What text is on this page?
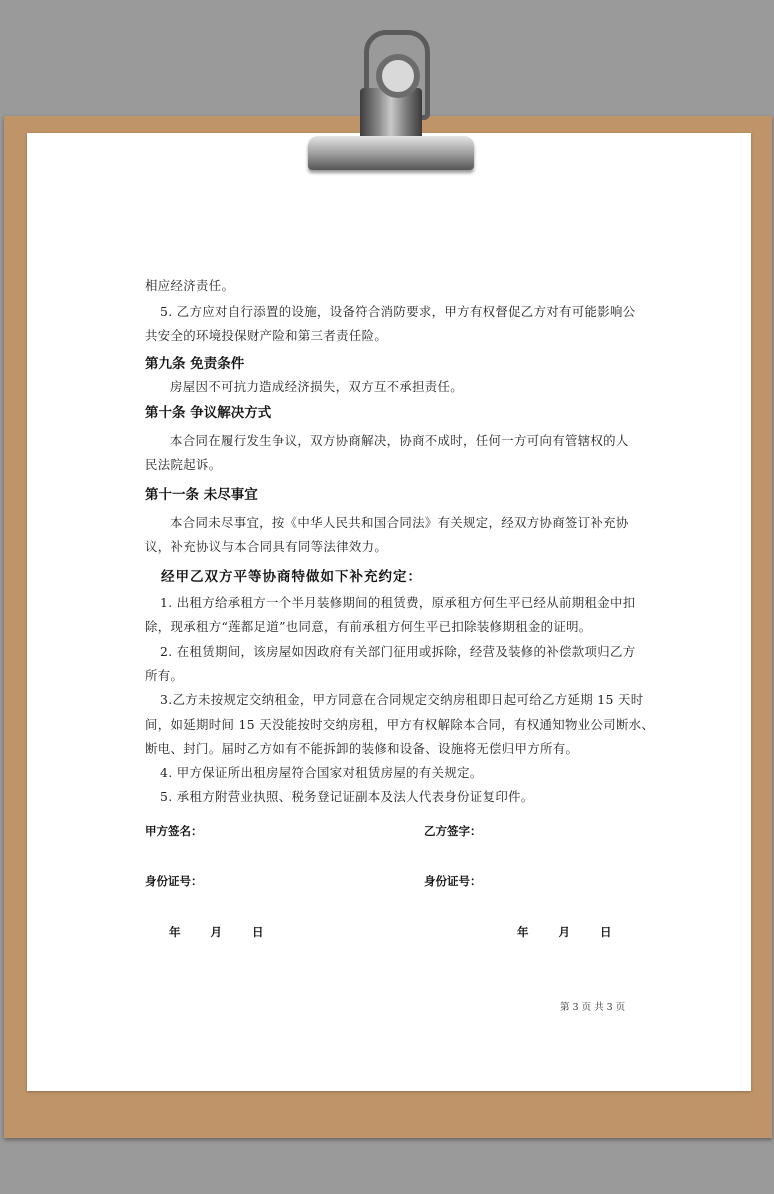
相应经济责任。
5. 乙方应对自行添置的设施，设备符合消防要求，甲方有权督促乙方对有可能影响公
共安全的环境投保财产险和第三者责任险。
第九条 免责条件
房屋因不可抗力造成经济损失，双方互不承担责任。
第十条 争议解决方式
本合同在履行发生争议，双方协商解决，协商不成时，任何一方可向有管辖权的人
民法院起诉。
第十一条 未尽事宜
本合同未尽事宜，按《中华人民共和国合同法》有关规定，经双方协商签订补充协
议，补充协议与本合同具有同等法律效力。
经甲乙双方平等协商特做如下补充约定：
1. 出租方给承租方一个半月装修期间的租赁费，原承租方何生平已经从前期租金中扣
除，现承租方“莲都足道”也同意，有前承租方何生平已扣除装修期租金的证明。
2. 在租赁期间，该房屋如因政府有关部门征用或拆除，经营及装修的补偿款项归乙方
所有。
3.乙方未按规定交纳租金，甲方同意在合同规定交纳房租即日起可给乙方延期 15 天时
间，如延期时间 15 天没能按时交纳房租，甲方有权解除本合同，有权通知物业公司断水、
断电、封门。届时乙方如有不能拆卸的装修和设备、设施将无偿归甲方所有。
4. 甲方保证所出租房屋符合国家对租赁房屋的有关规定。
5. 承租方附营业执照、税务登记证副本及法人代表身份证复印件。
甲方签名：	乙方签字：
身份证号：	身份证号：
年	月	日	年	月	日
第 3 页 共 3 页
